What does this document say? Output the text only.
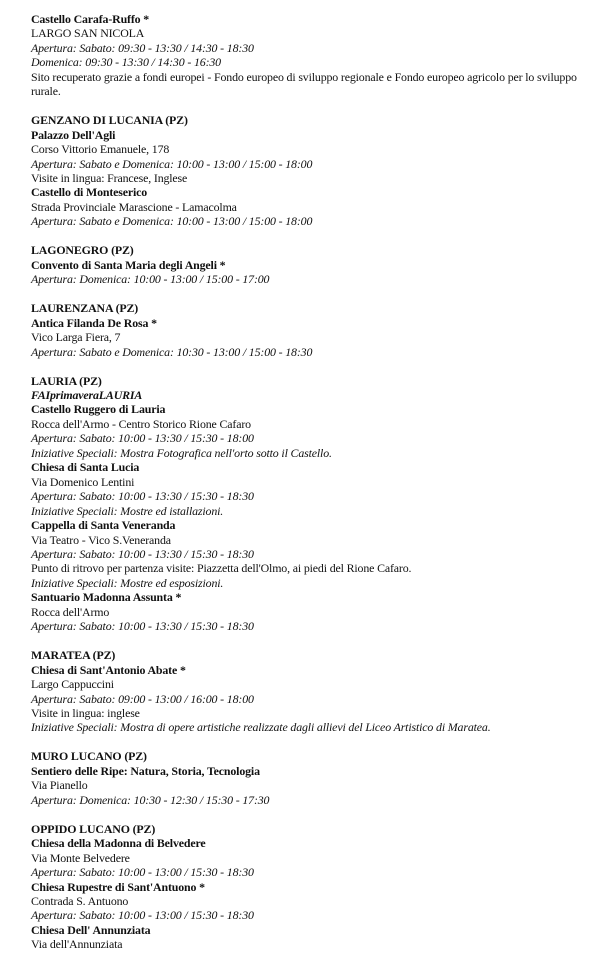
Castello Carafa-Ruffo *
LARGO SAN NICOLA
Apertura: Sabato: 09:30 - 13:30 / 14:30 - 18:30
Domenica: 09:30 - 13:30 / 14:30 - 16:30
Sito recuperato grazie a fondi europei - Fondo europeo di sviluppo regionale e Fondo europeo agricolo per lo sviluppo rurale.
GENZANO DI LUCANIA (PZ)
Palazzo Dell'Agli
Corso Vittorio Emanuele, 178
Apertura: Sabato e Domenica: 10:00 - 13:00 / 15:00 - 18:00
Visite in lingua: Francese, Inglese
Castello di Monteserico
Strada Provinciale Marascione - Lamacolma
Apertura: Sabato e Domenica: 10:00 - 13:00 / 15:00 - 18:00
LAGONEGRO (PZ)
Convento di Santa Maria degli Angeli *
Apertura: Domenica: 10:00 - 13:00 / 15:00 - 17:00
LAURENZANA (PZ)
Antica Filanda De Rosa *
Vico Larga Fiera, 7
Apertura: Sabato e Domenica: 10:30 - 13:00 / 15:00 - 18:30
LAURIA (PZ)
FAIprimaveraLAURIA
Castello Ruggero di Lauria
Rocca dell'Armo - Centro Storico Rione Cafaro
Apertura: Sabato: 10:00 - 13:30 / 15:30 - 18:00
Iniziative Speciali: Mostra Fotografica nell'orto sotto il Castello.
Chiesa di Santa Lucia
Via Domenico Lentini
Apertura: Sabato: 10:00 - 13:30 / 15:30 - 18:30
Iniziative Speciali: Mostre ed istallazioni.
Cappella di Santa Veneranda
Via Teatro - Vico S.Veneranda
Apertura: Sabato: 10:00 - 13:30 / 15:30 - 18:30
Punto di ritrovo per partenza visite: Piazzetta dell'Olmo, ai piedi del Rione Cafaro.
Iniziative Speciali: Mostre ed esposizioni.
Santuario Madonna Assunta *
Rocca dell'Armo
Apertura: Sabato: 10:00 - 13:30 / 15:30 - 18:30
MARATEA (PZ)
Chiesa di Sant'Antonio Abate *
Largo Cappuccini
Apertura: Sabato: 09:00 - 13:00 / 16:00 - 18:00
Visite in lingua: inglese
Iniziative Speciali: Mostra di opere artistiche realizzate dagli allievi del Liceo Artistico di Maratea.
MURO LUCANO (PZ)
Sentiero delle Ripe: Natura, Storia, Tecnologia
Via Pianello
Apertura: Domenica: 10:30 - 12:30 / 15:30 - 17:30
OPPIDO LUCANO (PZ)
Chiesa della Madonna di Belvedere
Via Monte Belvedere
Apertura: Sabato: 10:00 - 13:00 / 15:30 - 18:30
Chiesa Rupestre di Sant'Antuono *
Contrada S. Antuono
Apertura: Sabato: 10:00 - 13:00 / 15:30 - 18:30
Chiesa Dell' Annunziata
Via dell'Annunziata
